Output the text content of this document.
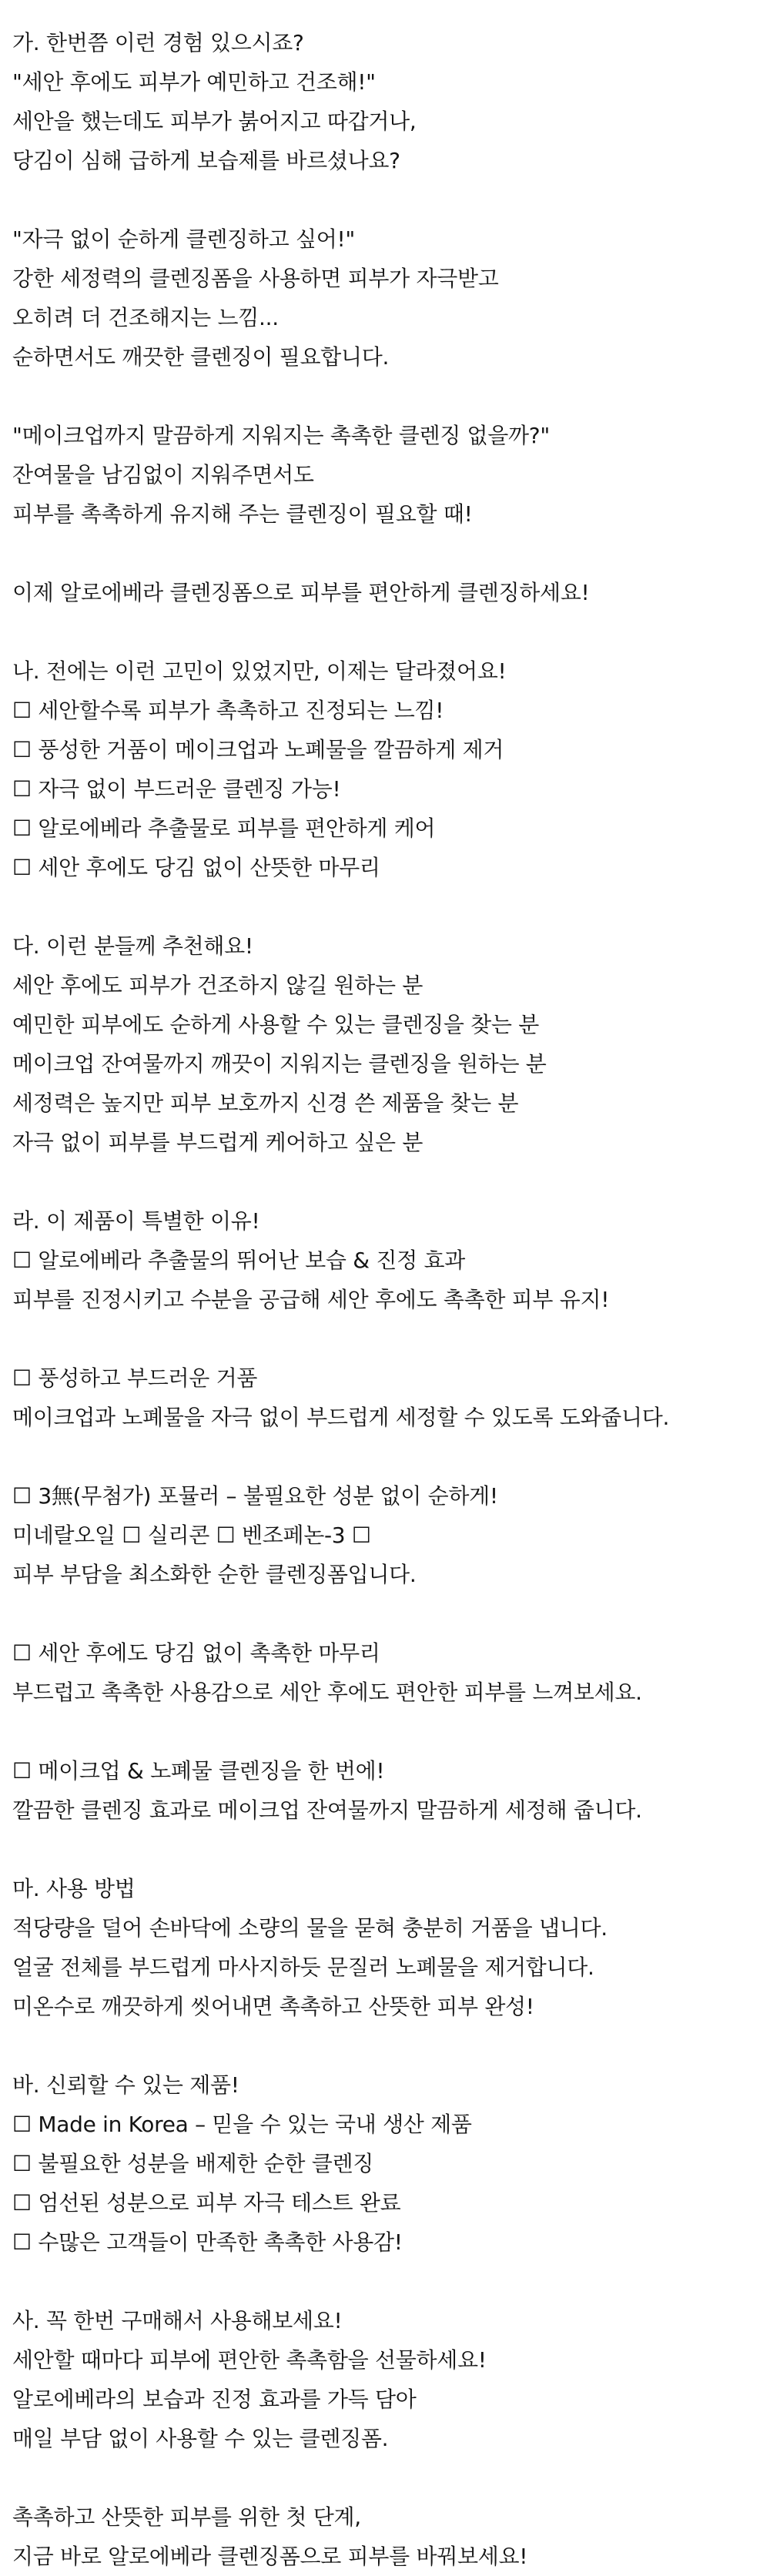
가. 한번쯤 이런 경험 있으시죠?
"세안 후에도 피부가 예민하고 건조해!"
세안을 했는데도 피부가 붉어지고 따갑거나,
당김이 심해 급하게 보습제를 바르셨나요?
"자극 없이 순하게 클렌징하고 싶어!"
강한 세정력의 클렌징폼을 사용하면 피부가 자극받고
오히려 더 건조해지는 느낌...
순하면서도 깨끗한 클렌징이 필요합니다.
"메이크업까지 말끔하게 지워지는 촉촉한 클렌징 없을까?"
잔여물을 남김없이 지워주면서도
피부를 촉촉하게 유지해 주는 클렌징이 필요할 때!
이제 알로에베라 클렌징폼으로 피부를 편안하게 클렌징하세요!
나. 전에는 이런 고민이 있었지만, 이제는 달라졌어요!
☐ 세안할수록 피부가 촉촉하고 진정되는 느낌!
☐ 풍성한 거품이 메이크업과 노폐물을 깔끔하게 제거
☐ 자극 없이 부드러운 클렌징 가능!
☐ 알로에베라 추출물로 피부를 편안하게 케어
☐ 세안 후에도 당김 없이 산뜻한 마무리
다. 이런 분들께 추천해요!
세안 후에도 피부가 건조하지 않길 원하는 분
예민한 피부에도 순하게 사용할 수 있는 클렌징을 찾는 분
메이크업 잔여물까지 깨끗이 지워지는 클렌징을 원하는 분
세정력은 높지만 피부 보호까지 신경 쓴 제품을 찾는 분
자극 없이 피부를 부드럽게 케어하고 싶은 분
라. 이 제품이 특별한 이유!
☐ 알로에베라 추출물의 뛰어난 보습 & 진정 효과
피부를 진정시키고 수분을 공급해 세안 후에도 촉촉한 피부 유지!
☐ 풍성하고 부드러운 거품
메이크업과 노폐물을 자극 없이 부드럽게 세정할 수 있도록 도와줍니다.
☐ 3無(무첨가) 포뮬러 – 불필요한 성분 없이 순하게!
미네랄오일 ☐ 실리콘 ☐ 벤조페논-3 ☐
피부 부담을 최소화한 순한 클렌징폼입니다.
☐ 세안 후에도 당김 없이 촉촉한 마무리
부드럽고 촉촉한 사용감으로 세안 후에도 편안한 피부를 느껴보세요.
☐ 메이크업 & 노폐물 클렌징을 한 번에!
깔끔한 클렌징 효과로 메이크업 잔여물까지 말끔하게 세정해 줍니다.
마. 사용 방법
적당량을 덜어 손바닥에 소량의 물을 묻혀 충분히 거품을 냅니다.
얼굴 전체를 부드럽게 마사지하듯 문질러 노폐물을 제거합니다.
미온수로 깨끗하게 씻어내면 촉촉하고 산뜻한 피부 완성!
바. 신뢰할 수 있는 제품!
☐ Made in Korea – 믿을 수 있는 국내 생산 제품
☐ 불필요한 성분을 배제한 순한 클렌징
☐ 엄선된 성분으로 피부 자극 테스트 완료
☐ 수많은 고객들이 만족한 촉촉한 사용감!
사. 꼭 한번 구매해서 사용해보세요!
세안할 때마다 피부에 편안한 촉촉함을 선물하세요!
알로에베라의 보습과 진정 효과를 가득 담아
매일 부담 없이 사용할 수 있는 클렌징폼.
촉촉하고 산뜻한 피부를 위한 첫 단계,
지금 바로 알로에베라 클렌징폼으로 피부를 바꿔보세요!
